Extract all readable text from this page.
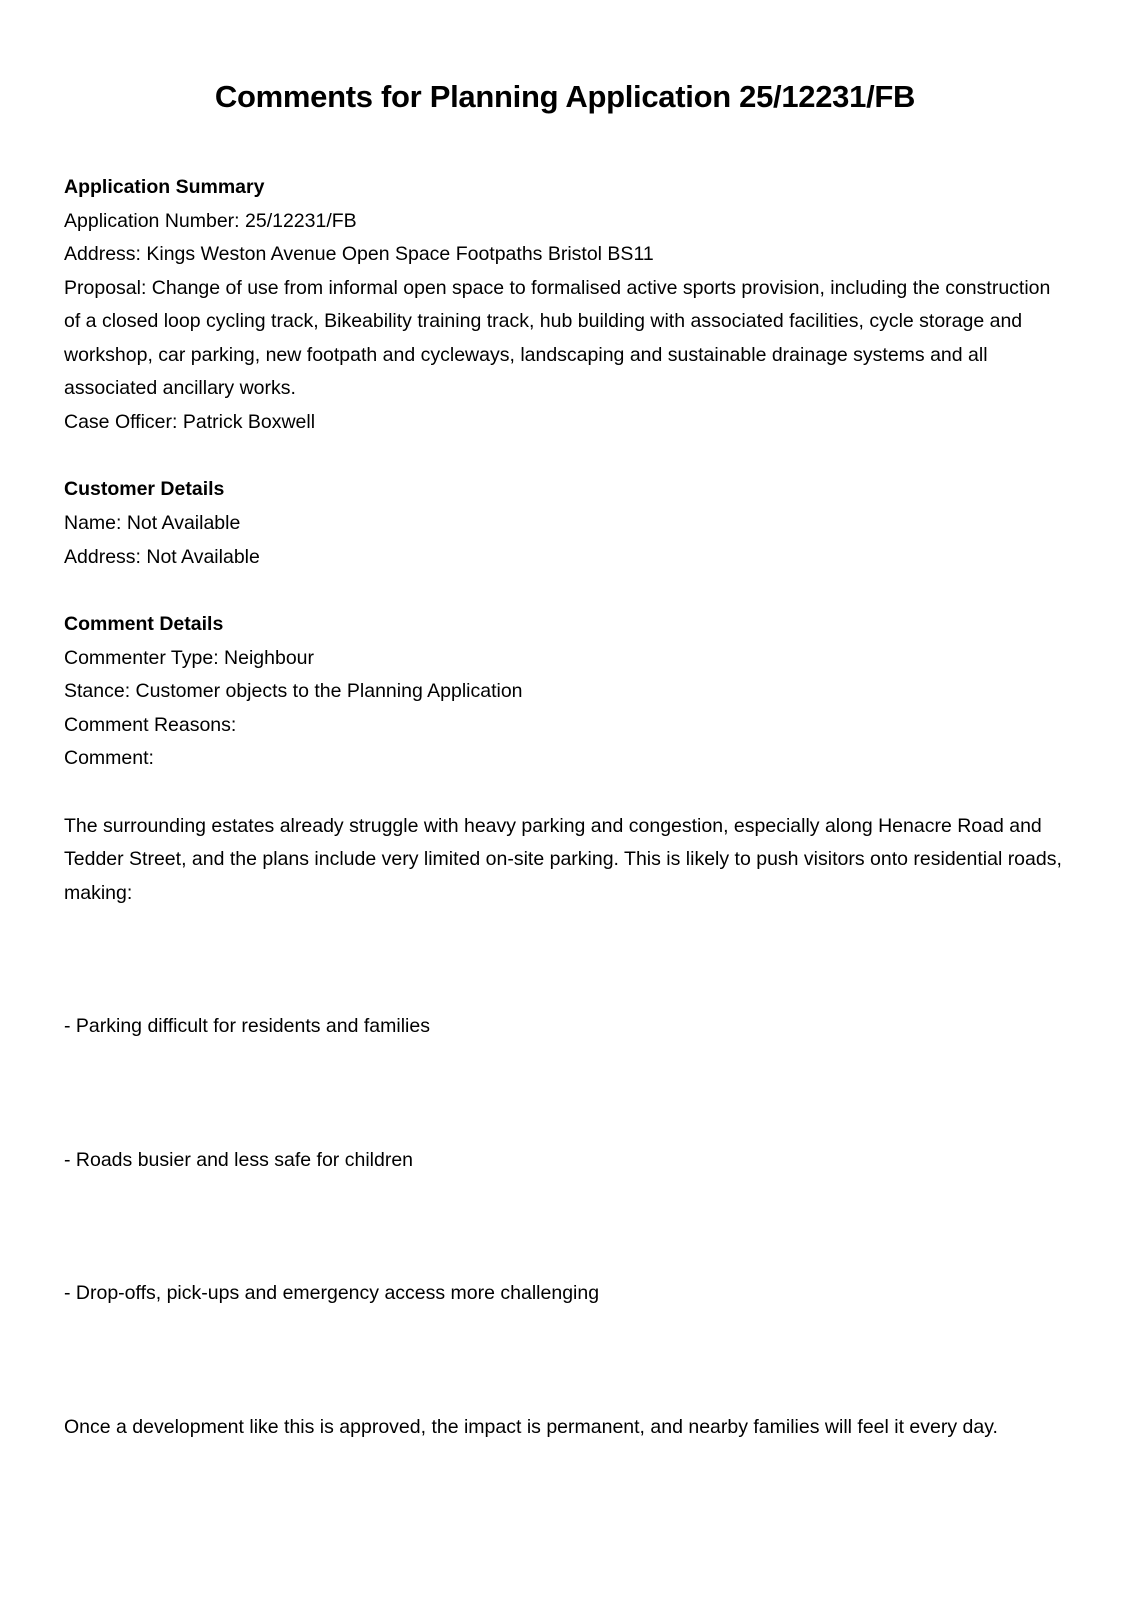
Comments for Planning Application 25/12231/FB
Application Summary
Application Number: 25/12231/FB
Address: Kings Weston Avenue Open Space Footpaths Bristol BS11
Proposal: Change of use from informal open space to formalised active sports provision, including the construction of a closed loop cycling track, Bikeability training track, hub building with associated facilities, cycle storage and workshop, car parking, new footpath and cycleways, landscaping and sustainable drainage systems and all associated ancillary works.
Case Officer: Patrick Boxwell
Customer Details
Name: Not Available
Address: Not Available
Comment Details
Commenter Type: Neighbour
Stance: Customer objects to the Planning Application
Comment Reasons:
Comment:
The surrounding estates already struggle with heavy parking and congestion, especially along Henacre Road and Tedder Street, and the plans include very limited on-site parking. This is likely to push visitors onto residential roads, making:
- Parking difficult for residents and families
- Roads busier and less safe for children
- Drop-offs, pick-ups and emergency access more challenging
Once a development like this is approved, the impact is permanent, and nearby families will feel it every day.
